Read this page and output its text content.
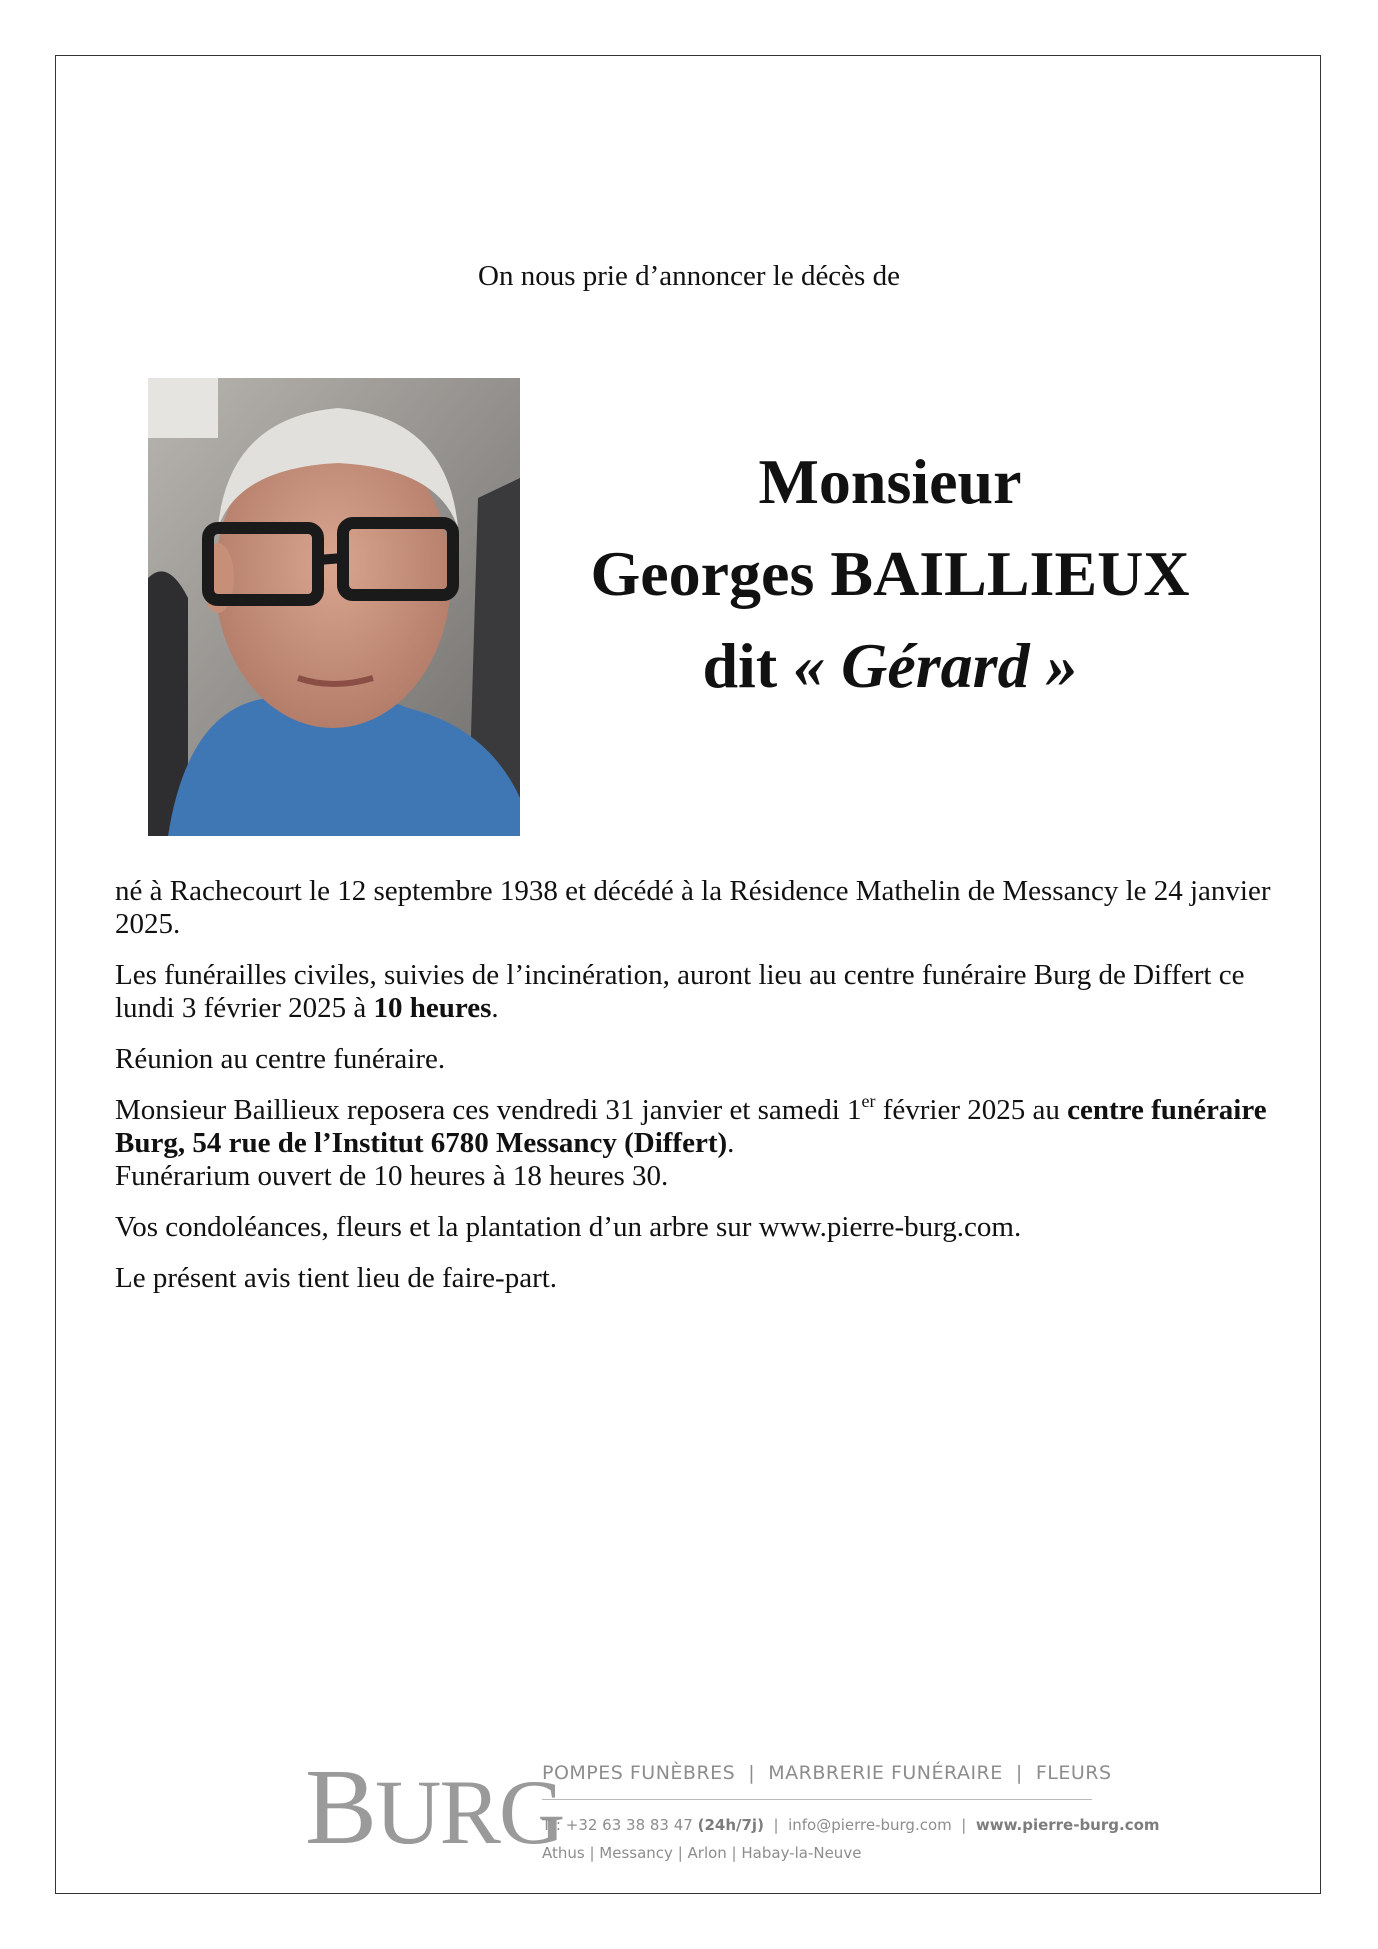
On nous prie d’annoncer le décès de
Monsieur
Georges BAILLIEUX
dit « Gérard »

né à Rachecourt le 12 septembre 1938 et décédé à la Résidence Mathelin de Messancy le 24 janvier 2025.

Les funérailles civiles, suivies de l’incinération, auront lieu au centre funéraire Burg de Differt ce lundi 3 février 2025 à 10 heures.

Réunion au centre funéraire.

Monsieur Baillieux reposera ces vendredi 31 janvier et samedi 1er février 2025 au centre funéraire Burg, 54 rue de l’Institut 6780 Messancy (Differt).
Funérarium ouvert de 10 heures à 18 heures 30.

Vos condoléances, fleurs et la plantation d’un arbre sur www.pierre-burg.com.

Le présent avis tient lieu de faire-part.

BURG
POMPES FUNÈBRES  |  MARBRERIE FUNÉRAIRE  |  FLEURS
T : +32 63 38 83 47 (24h/7j)  |  info@pierre-burg.com  |  www.pierre-burg.com
Athus | Messancy | Arlon | Habay-la-Neuve
